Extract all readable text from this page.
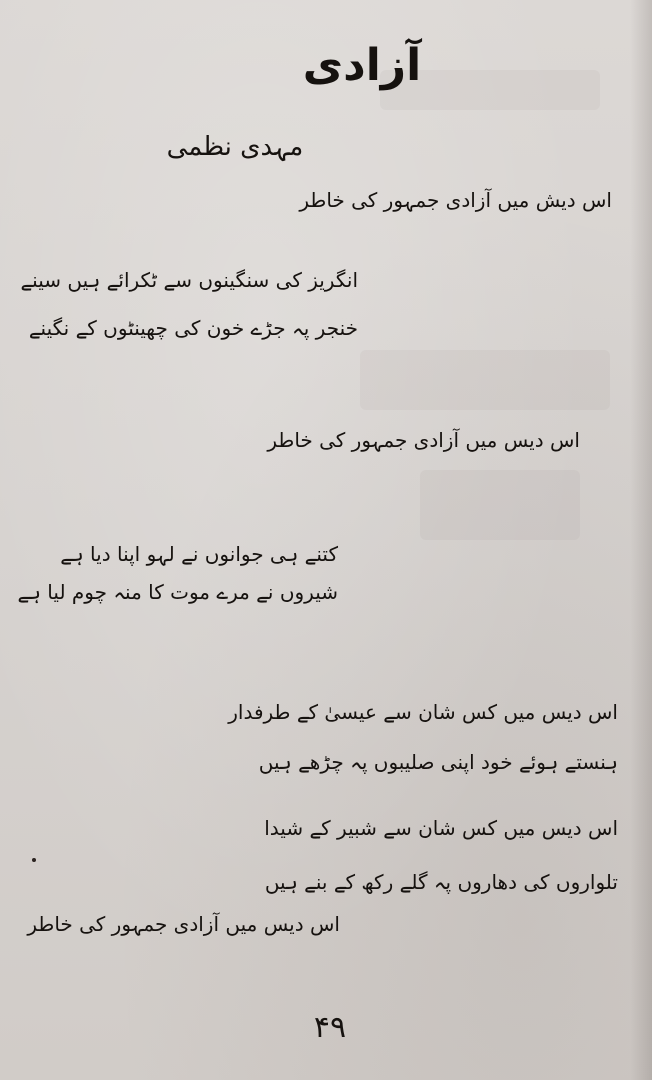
آزادی
مہدی نظمی
اس دیش میں آزادی جمہور کی خاطر
انگریز کی سنگینوں سے ٹکرائے ہیں سینے
خنجر پہ جڑے خون کی چھینٹوں کے نگینے
اس دیس میں آزادی جمہور کی خاطر
کتنے ہی جوانوں نے لہو اپنا دیا ہے
شیروں نے مرے موت کا منہ چوم لیا ہے
اس دیس میں کس شان سے عیسیٰ کے طرفدار
ہنستے ہوئے خود اپنی صلیبوں پہ چڑھے ہیں
اس دیس میں کس شان سے شبیر کے شیدا
تلواروں کی دھاروں پہ گلے رکھ کے بنے ہیں
اس دیس میں آزادی جمہور کی خاطر
۴۹
